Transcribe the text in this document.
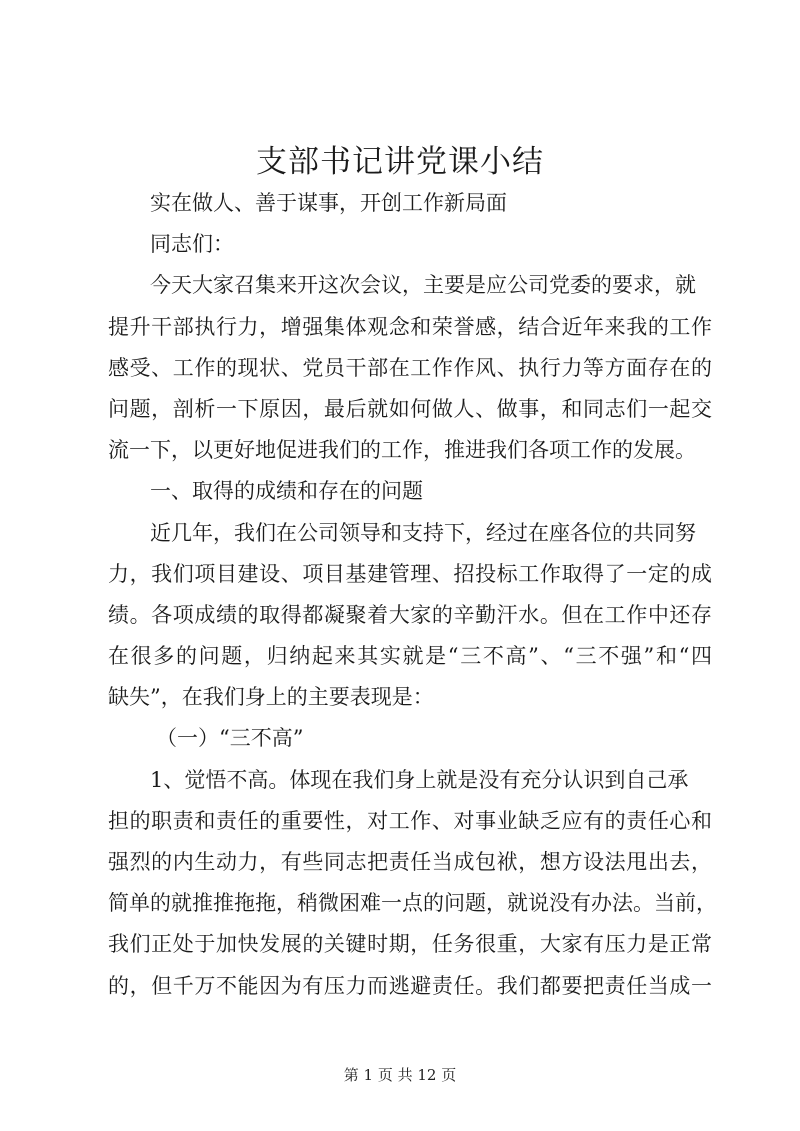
支部书记讲党课小结
实在做人、善于谋事，开创工作新局面
同志们：
今天大家召集来开这次会议，主要是应公司党委的要求，就
提升干部执行力，增强集体观念和荣誉感，结合近年来我的工作
感受、工作的现状、党员干部在工作作风、执行力等方面存在的
问题，剖析一下原因，最后就如何做人、做事，和同志们一起交
流一下，以更好地促进我们的工作，推进我们各项工作的发展。
一、取得的成绩和存在的问题
近几年，我们在公司领导和支持下，经过在座各位的共同努
力，我们项目建设、项目基建管理、招投标工作取得了一定的成
绩。各项成绩的取得都凝聚着大家的辛勤汗水。但在工作中还存
在很多的问题，归纳起来其实就是“三不高”、“三不强”和“四
缺失”，在我们身上的主要表现是：
（一）“三不高”
1、觉悟不高。体现在我们身上就是没有充分认识到自己承
担的职责和责任的重要性，对工作、对事业缺乏应有的责任心和
强烈的内生动力，有些同志把责任当成包袱，想方设法甩出去，
简单的就推推拖拖，稍微困难一点的问题，就说没有办法。当前，
我们正处于加快发展的关键时期，任务很重，大家有压力是正常
的，但千万不能因为有压力而逃避责任。我们都要把责任当成一
第 1 页 共 12 页
